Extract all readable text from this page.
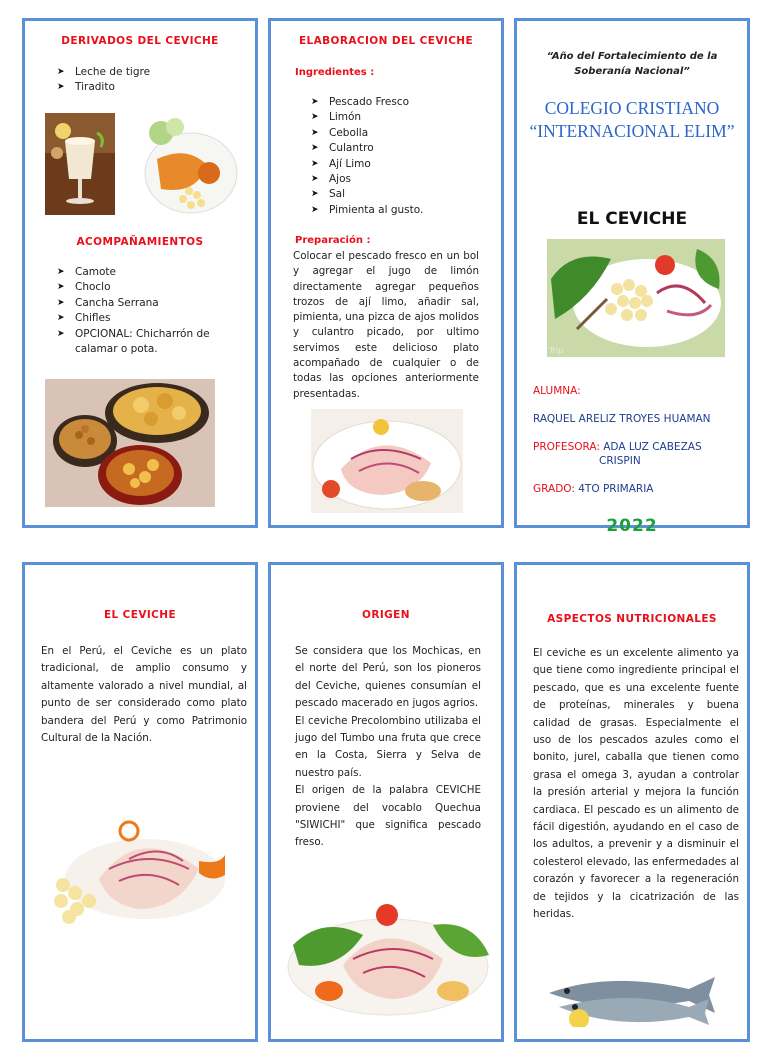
DERIVADOS DEL CEVICHE
➤ Leche de tigre
➤ Tiradito
ACOMPAÑAMIENTOS
➤ Camote
➤ Choclo
➤ Cancha Serrana
➤ Chifles
➤ OPCIONAL: Chicharrón de calamar o pota.
ELABORACION DEL CEVICHE
Ingredientes :
➤ Pescado Fresco
➤ Limón
➤ Cebolla
➤ Culantro
➤ Ají Limo
➤ Ajos
➤ Sal
➤ Pimienta al gusto.
Preparación :
Colocar el pescado fresco en un bol y agregar el jugo de limón directamente agregar pequeños trozos de ají limo, añadir sal, pimienta, una pizca de ajos molidos y culantro picado, por ultimo servimos este delicioso plato acompañado de cualquier o de todas las opciones anteriormente presentadas.
“Año del Fortalecimiento de la Soberanía Nacional”
COLEGIO CRISTIANO “INTERNACIONAL ELIM”
EL CEVICHE
Trip
ALUMNA:
RAQUEL ARELIZ TROYES HUAMAN
PROFESORA: ADA LUZ CABEZAS
CRISPIN
GRADO: 4TO PRIMARIA
2022
EL CEVICHE
En el Perú, el Ceviche es un plato tradicional, de amplio consumo y altamente valorado a nivel mundial, al punto de ser considerado como plato bandera del Perú y como Patrimonio Cultural de la Nación.
ORIGEN
Se considera que los Mochicas, en el norte del Perú, son los pioneros del Ceviche, quienes consumían el pescado macerado en jugos agrios.
El ceviche Precolombino utilizaba el jugo del Tumbo una fruta que crece en la Costa, Sierra y Selva de nuestro país.
El origen de la palabra CEVICHE proviene del vocablo Quechua "SIWICHI" que significa pescado freso.
ASPECTOS NUTRICIONALES
El ceviche es un excelente alimento ya que tiene como ingrediente principal el pescado, que es una excelente fuente de proteínas, minerales y buena calidad de grasas. Especialmente el uso de los pescados azules como el bonito, jurel, caballa que tienen como grasa el omega 3, ayudan a controlar la presión arterial y mejora la función cardiaca. El pescado es un alimento de fácil digestión, ayudando en el caso de los adultos, a prevenir y a disminuir el colesterol elevado, las enfermedades al corazón y favorecer a la regeneración de tejidos y la cicatrización de las heridas.
